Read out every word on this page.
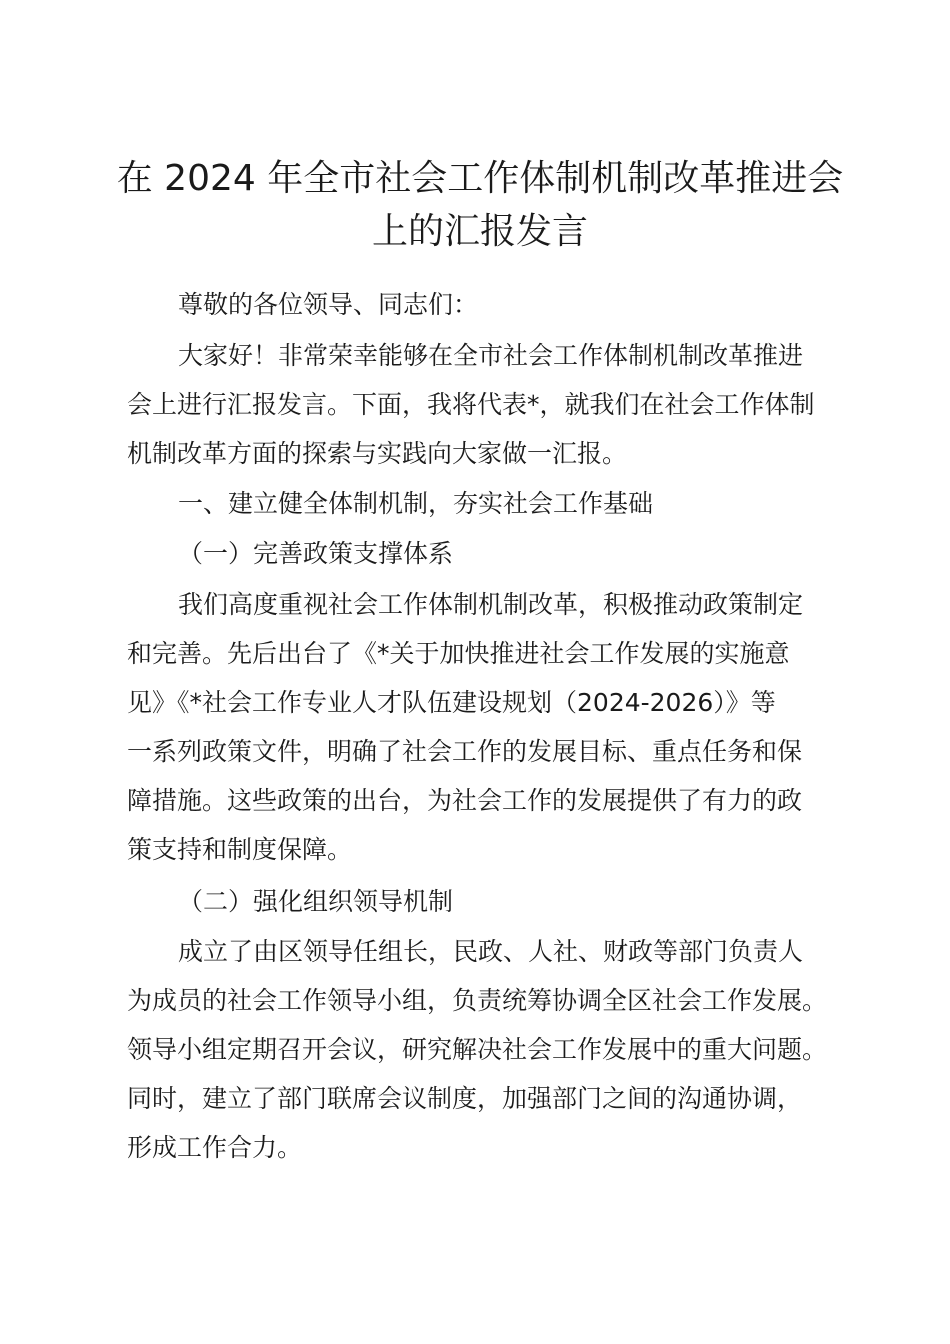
在 2024 年全市社会工作体制机制改革推进会
上的汇报发言

尊敬的各位领导、同志们：

大家好！非常荣幸能够在全市社会工作体制机制改革推进
会上进行汇报发言。下面，我将代表*，就我们在社会工作体制
机制改革方面的探索与实践向大家做一汇报。

一、建立健全体制机制，夯实社会工作基础

（一）完善政策支撑体系

我们高度重视社会工作体制机制改革，积极推动政策制定
和完善。先后出台了《*关于加快推进社会工作发展的实施意
见》《*社会工作专业人才队伍建设规划（2024-2026）》等
一系列政策文件，明确了社会工作的发展目标、重点任务和保
障措施。这些政策的出台，为社会工作的发展提供了有力的政
策支持和制度保障。

（二）强化组织领导机制

成立了由区领导任组长，民政、人社、财政等部门负责人
为成员的社会工作领导小组，负责统筹协调全区社会工作发展。
领导小组定期召开会议，研究解决社会工作发展中的重大问题。
同时，建立了部门联席会议制度，加强部门之间的沟通协调，
形成工作合力。
